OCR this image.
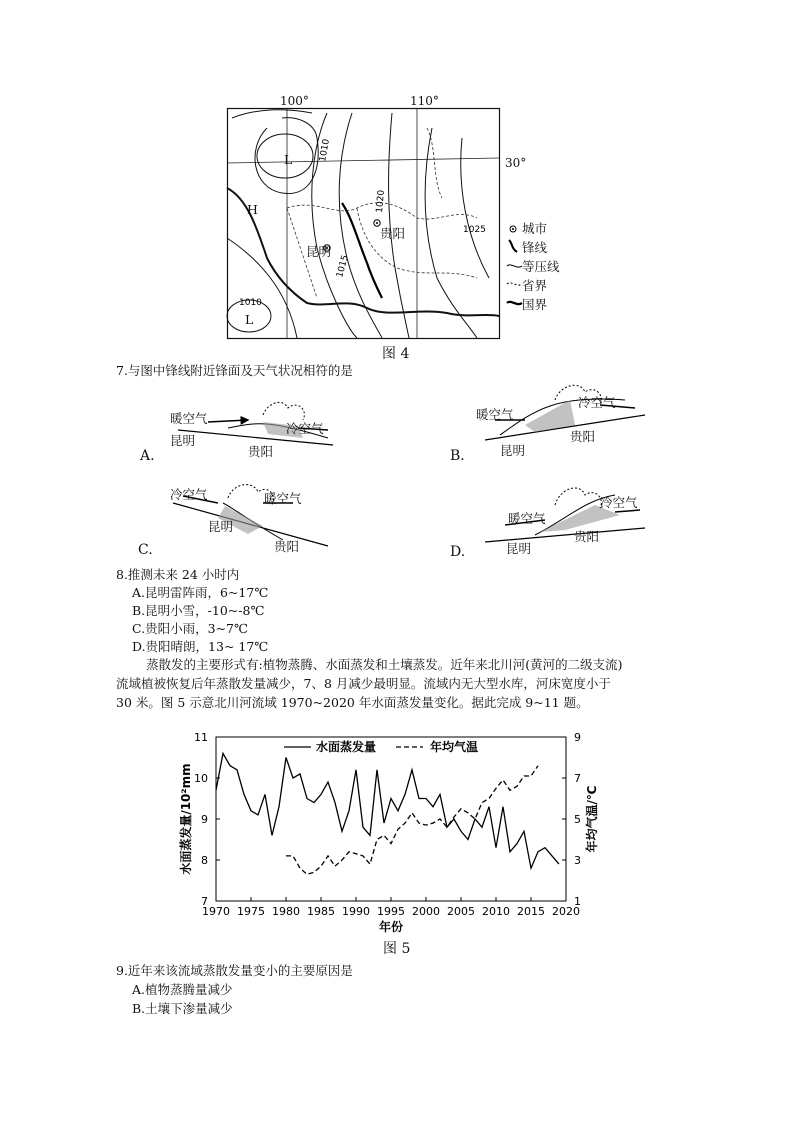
100°	110°
30°
1010
1020
1015
1025
1010
L
H
L
昆明
贵阳	城市
锋线
等压线
省界
国界
图 4
7.与图中锋线附近锋面及天气状况相符的是
A.
暖空气
冷空气
昆明
贵阳	B.
暖空气
冷空气
昆明
贵阳
C.
冷空气	暖空气
昆明
贵阳	D.
暖空气
冷空气
昆明
贵阳
8.推测未来 24 小时内
A.昆明雷阵雨，6~17℃
B.昆明小雪，-10~-8℃
C.贵阳小雨，3~7℃
D.贵阳晴朗，13~ 17℃
蒸散发的主要形式有:植物蒸腾、水面蒸发和土壤蒸发。近年来北川河(黄河的二级支流)
流域植被恢复后年蒸散发量减少，7、8 月减少最明显。流域内无大型水库，河床宽度小于
30 米。图 5 示意北川河流域 1970~2020 年水面蒸发量变化。据此完成 9~11 题。
1970 1975 1980 1985 1990 1995 2000 2005 2010 2015 2020
7
8
9
10
11
1
3
5
7
9
年份
水面蒸发量/10²mm	年均气温/℃
水面蒸发量	年均气温
图 5
9.近年来该流域蒸散发量变小的主要原因是
A.植物蒸腾量减少
B.土壤下渗量减少
